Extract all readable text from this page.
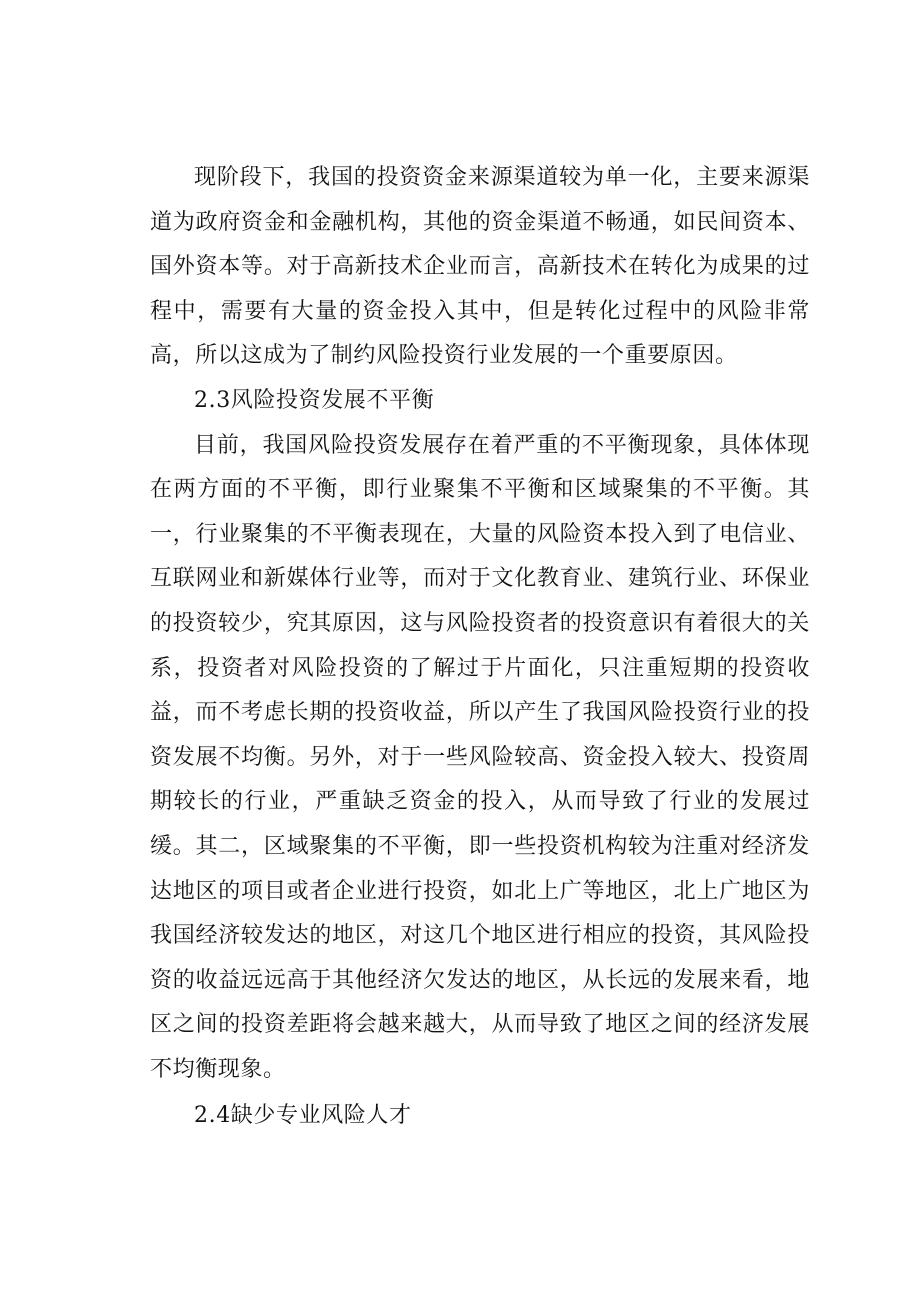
现阶段下，我国的投资资金来源渠道较为单一化，主要来源渠道为政府资金和金融机构，其他的资金渠道不畅通，如民间资本、国外资本等。对于高新技术企业而言，高新技术在转化为成果的过程中，需要有大量的资金投入其中，但是转化过程中的风险非常高，所以这成为了制约风险投资行业发展的一个重要原因。

2.3风险投资发展不平衡

目前，我国风险投资发展存在着严重的不平衡现象，具体体现在两方面的不平衡，即行业聚集不平衡和区域聚集的不平衡。其一，行业聚集的不平衡表现在，大量的风险资本投入到了电信业、互联网业和新媒体行业等，而对于文化教育业、建筑行业、环保业的投资较少，究其原因，这与风险投资者的投资意识有着很大的关系，投资者对风险投资的了解过于片面化，只注重短期的投资收益，而不考虑长期的投资收益，所以产生了我国风险投资行业的投资发展不均衡。另外，对于一些风险较高、资金投入较大、投资周期较长的行业，严重缺乏资金的投入，从而导致了行业的发展过缓。其二，区域聚集的不平衡，即一些投资机构较为注重对经济发达地区的项目或者企业进行投资，如北上广等地区，北上广地区为我国经济较发达的地区，对这几个地区进行相应的投资，其风险投资的收益远远高于其他经济欠发达的地区，从长远的发展来看，地区之间的投资差距将会越来越大，从而导致了地区之间的经济发展不均衡现象。

2.4缺少专业风险人才
